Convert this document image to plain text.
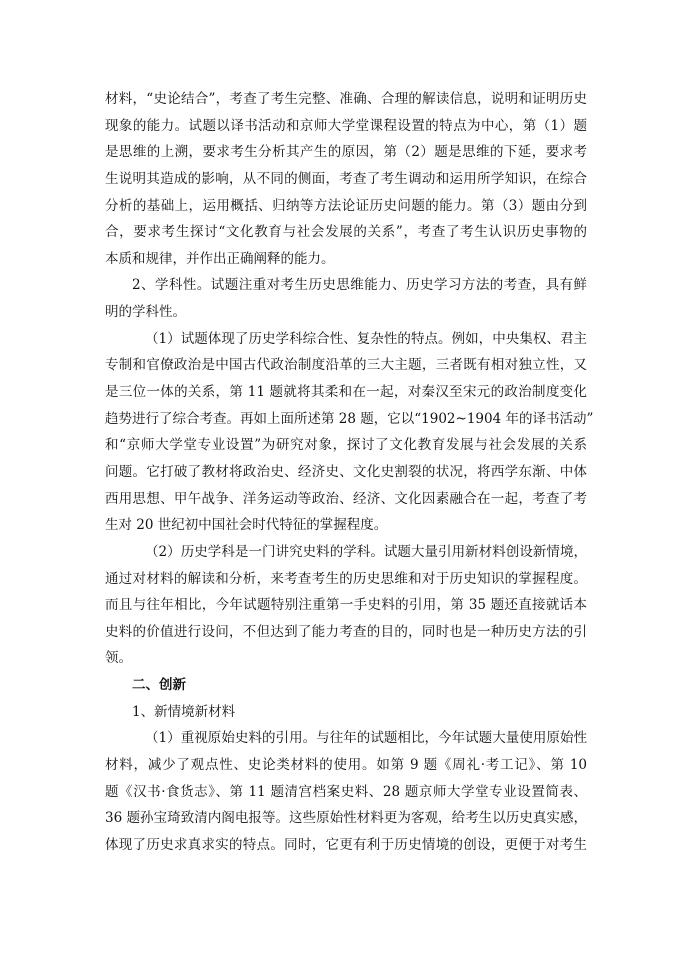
材料，“史论结合”，考查了考生完整、准确、合理的解读信息，说明和证明历史
现象的能力。试题以译书活动和京师大学堂课程设置的特点为中心，第（1）题
是思维的上溯，要求考生分析其产生的原因，第（2）题是思维的下延，要求考
生说明其造成的影响，从不同的侧面，考查了考生调动和运用所学知识，在综合
分析的基础上，运用概括、归纳等方法论证历史问题的能力。第（3）题由分到
合，要求考生探讨“文化教育与社会发展的关系”，考查了考生认识历史事物的
本质和规律，并作出正确阐释的能力。
2、学科性。试题注重对考生历史思维能力、历史学习方法的考查，具有鲜
明的学科性。
（1）试题体现了历史学科综合性、复杂性的特点。例如，中央集权、君主
专制和官僚政治是中国古代政治制度沿革的三大主题，三者既有相对独立性，又
是三位一体的关系，第 11 题就将其柔和在一起，对秦汉至宋元的政治制度变化
趋势进行了综合考查。再如上面所述第 28 题，它以“1902~1904 年的译书活动”
和“京师大学堂专业设置”为研究对象，探讨了文化教育发展与社会发展的关系
问题。它打破了教材将政治史、经济史、文化史割裂的状况，将西学东渐、中体
西用思想、甲午战争、洋务运动等政治、经济、文化因素融合在一起，考查了考
生对 20 世纪初中国社会时代特征的掌握程度。
（2）历史学科是一门讲究史料的学科。试题大量引用新材料创设新情境，
通过对材料的解读和分析，来考查考生的历史思维和对于历史知识的掌握程度。
而且与往年相比，今年试题特别注重第一手史料的引用，第 35 题还直接就话本
史料的价值进行设问，不但达到了能力考查的目的，同时也是一种历史方法的引
领。
二、创新
1、新情境新材料
（1）重视原始史料的引用。与往年的试题相比，今年试题大量使用原始性
材料，减少了观点性、史论类材料的使用。如第 9 题《周礼·考工记》、第 10
题《汉书·食货志》、第 11 题清宫档案史料、28 题京师大学堂专业设置简表、
36 题孙宝琦致清内阁电报等。这些原始性材料更为客观，给考生以历史真实感，
体现了历史求真求实的特点。同时，它更有利于历史情境的创设，更便于对考生
